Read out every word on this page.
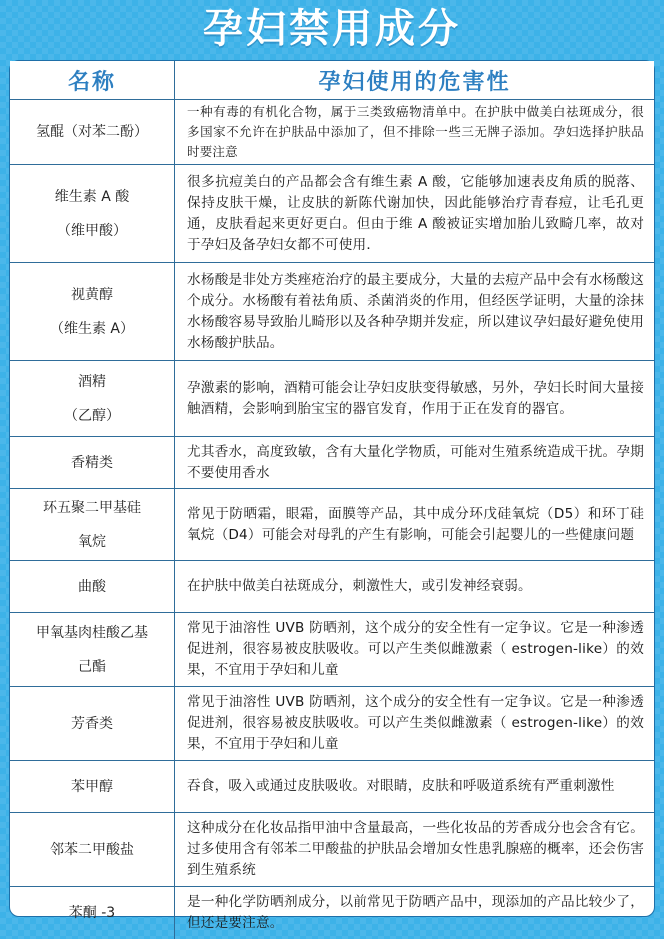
孕妇禁用成分
名称	孕妇使用的危害性

氢醌（对苯二酚）	一种有毒的有机化合物，属于三类致癌物清单中。在护肤中做美白祛斑成分，很多国家不允许在护肤品中添加了，但不排除一些三无牌子添加。孕妇选择护肤品时要注意

维生素 A 酸
（维甲酸）	很多抗痘美白的产品都会含有维生素 A 酸，它能够加速表皮角质的脱落、保持皮肤干燥，让皮肤的新陈代谢加快，因此能够治疗青春痘，让毛孔更通，皮肤看起来更好更白。但由于维 A 酸被证实增加胎儿致畸几率，故对于孕妇及备孕妇女都不可使用．

视黄醇
（维生素 A）	水杨酸是非处方类痤疮治疗的最主要成分，大量的去痘产品中会有水杨酸这个成分。水杨酸有着祛角质、杀菌消炎的作用，但经医学证明，大量的涂抹水杨酸容易导致胎儿畸形以及各种孕期并发症，所以建议孕妇最好避免使用水杨酸护肤品。

酒精
（乙醇）	孕激素的影响，酒精可能会让孕妇皮肤变得敏感，另外，孕妇长时间大量接触酒精，会影响到胎宝宝的器官发育，作用于正在发育的器官。

香精类	尤其香水，高度致敏，含有大量化学物质，可能对生殖系统造成干扰。孕期不要使用香水

环五聚二甲基硅
氧烷	常见于防晒霜，眼霜，面膜等产品，其中成分环戊硅氧烷（D5）和环丁硅氧烷（D4）可能会对母乳的产生有影响，可能会引起婴儿的一些健康问题

曲酸	在护肤中做美白祛斑成分，刺激性大，或引发神经衰弱。

甲氧基肉桂酸乙基
己酯	常见于油溶性 UVB 防晒剂，这个成分的安全性有一定争议。它是一种渗透促进剂，很容易被皮肤吸收。可以产生类似雌激素（ estrogen-like）的效果，不宜用于孕妇和儿童

芳香类	常见于油溶性 UVB 防晒剂，这个成分的安全性有一定争议。它是一种渗透促进剂，很容易被皮肤吸收。可以产生类似雌激素（ estrogen-like）的效果，不宜用于孕妇和儿童

苯甲醇	吞食，吸入或通过皮肤吸收。对眼睛，皮肤和呼吸道系统有严重刺激性

邻苯二甲酸盐	这种成分在化妆品指甲油中含量最高，一些化妆品的芳香成分也会含有它。过多使用含有邻苯二甲酸盐的护肤品会增加女性患乳腺癌的概率，还会伤害到生殖系统

苯酮 -3	是一种化学防晒剂成分，以前常见于防晒产品中，现添加的产品比较少了，但还是要注意。
